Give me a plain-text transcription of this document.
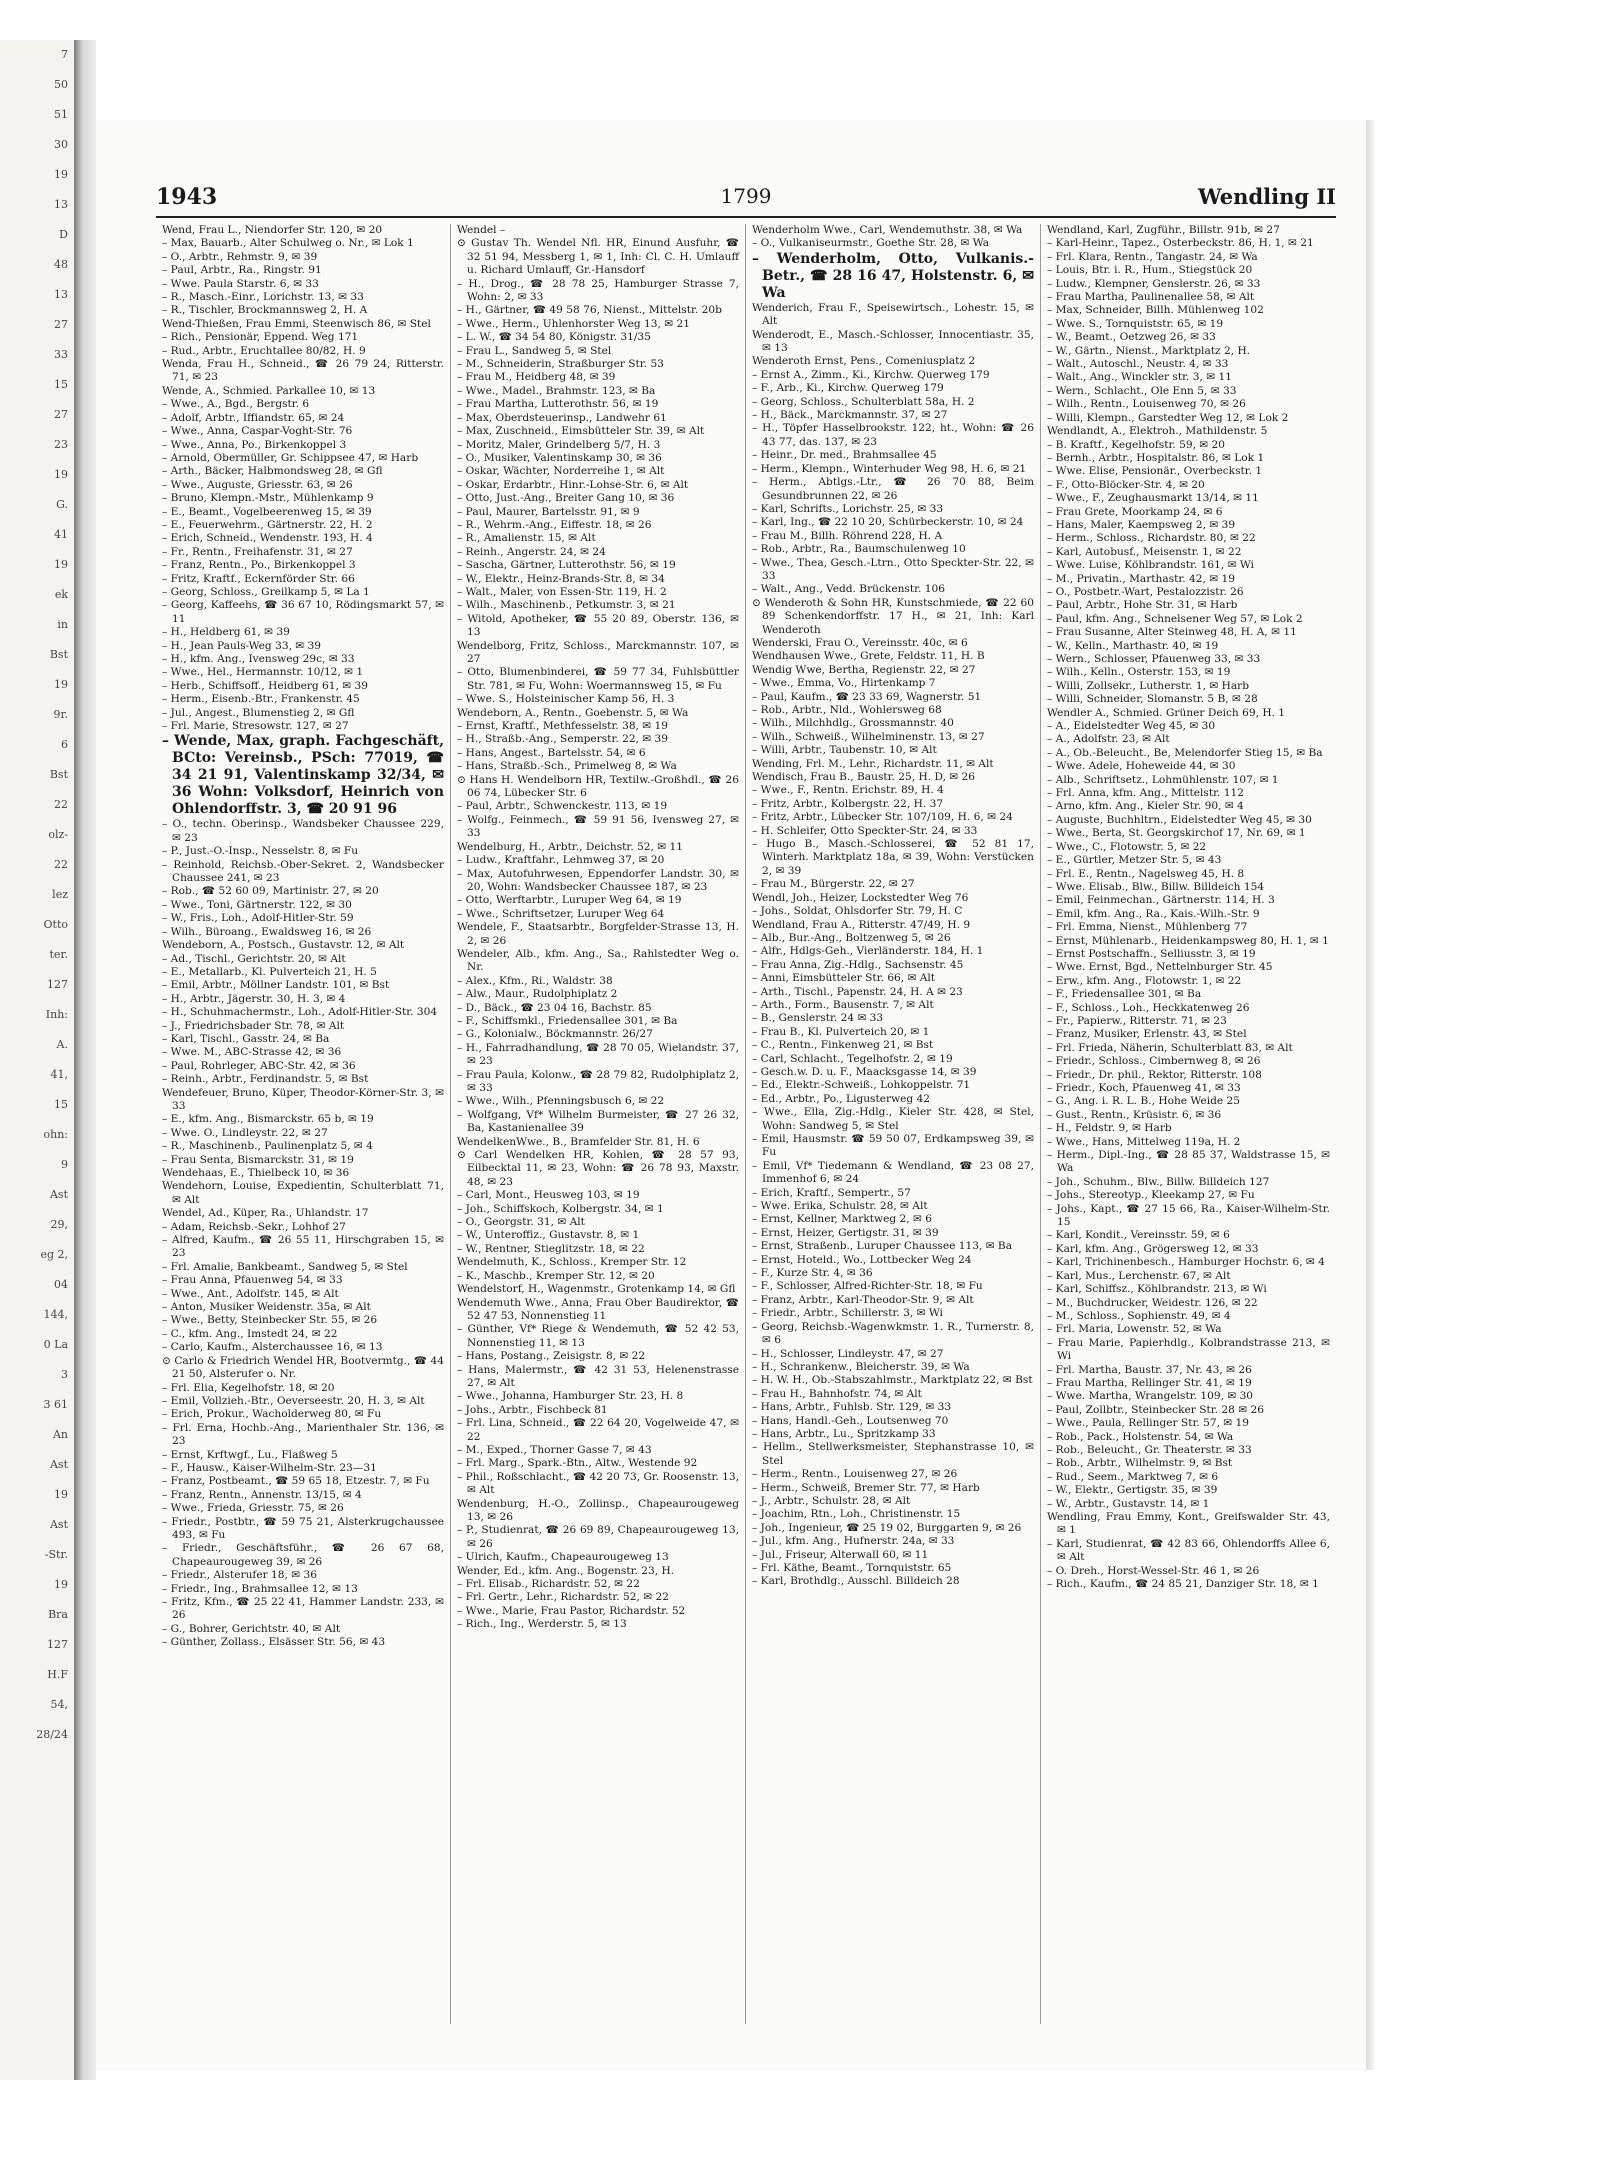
7
50
51
30
19
13
D
48
13
27
33
15
27
23
19
G.
41
19
ek
in
Bst
19
9r.
6
Bst
22
olz-
22
lez
Otto
ter.
127
Inh:
A.
41,
15
ohn:
9
Ast
29,
eg 2,
04
144,
0 La
3
3 61
An
Ast
19
Ast
-Str.
19
Bra
127
H.F
54,
28/24
1943	1799	Wendling II

Wend, Frau L., Niendorfer Str. 120, ✉ 20

– Max, Bauarb., Alter Schulweg o. Nr., ✉ Lok 1

– O., Arbtr., Rehmstr. 9, ✉ 39

– Paul, Arbtr., Ra., Ringstr. 91

– Wwe. Paula Starstr. 6, ✉ 33

– R., Masch.-Einr., Lorichstr. 13, ✉ 33

– R., Tischler, Brockmannsweg 2, H. A

Wend-Thießen, Frau Emmi, Steenwisch 86, ✉ Stel

– Rich., Pensionär, Eppend. Weg 171

– Rud., Arbtr., Eruchtallee 80/82, H. 9

Wenda, Frau H., Schneid., ☎ 26 79 24, Ritterstr. 71, ✉ 23

Wende, A., Schmied. Parkallee 10, ✉ 13

– Wwe., A., Bgd., Bergstr. 6

– Adolf, Arbtr., Iffiandstr. 65, ✉ 24

– Wwe., Anna, Caspar-Voght-Str. 76

– Wwe., Anna, Po., Birkenkoppel 3

– Arnold, Obermüller, Gr. Schippsee 47, ✉ Harb

– Arth., Bäcker, Halbmondsweg 28, ✉ Gfl

– Wwe., Auguste, Griesstr. 63, ✉ 26

– Bruno, Klempn.-Mstr., Mühlenkamp 9

– E., Beamt., Vogelbeerenweg 15, ✉ 39

– E., Feuerwehrm., Gärtnerstr. 22, H. 2

– Erich, Schneid., Wendenstr. 193, H. 4

– Fr., Rentn., Freihafenstr. 31, ✉ 27

– Franz, Rentn., Po., Birkenkoppel 3

– Fritz, Kraftf., Eckernförder Str. 66

– Georg, Schloss., Greilkamp 5, ✉ La 1

– Georg, Kaffeehs, ☎ 36 67 10, Rödingsmarkt 57, ✉ 11

– H., Heldberg 61, ✉ 39

– H., Jean Pauls-Weg 33, ✉ 39

– H., kfm. Ang., Ivensweg 29c, ✉ 33

– Wwe., Hel., Hermannstr. 10/12, ✉ 1

– Herb., Schiffsoff., Heidberg 61, ✉ 39

– Herm., Eisenb.-Btr., Frankenstr. 45

– Jul., Angest., Blumenstieg 2, ✉ Gfl

– Frl. Marie, Stresowstr. 127, ✉ 27

– Wende, Max, graph. Fachgeschäft, BCto: Vereinsb., PSch: 77019, ☎ 34 21 91, Valentinskamp 32/34, ✉ 36 Wohn: Volksdorf, Heinrich von Ohlendorffstr. 3, ☎ 20 91 96

– O., techn. Oberinsp., Wandsbeker Chaussee 229, ✉ 23

– P., Just.-O.-Insp., Nesselstr. 8, ✉ Fu

– Reinhold, Reichsb.-Ober-Sekret. 2, Wandsbecker Chaussee 241, ✉ 23

– Rob., ☎ 52 60 09, Martinistr. 27, ✉ 20

– Wwe., Toni, Gärtnerstr. 122, ✉ 30

– W., Fris., Loh., Adolf-Hitler-Str. 59

– Wilh., Büroang., Ewaldsweg 16, ✉ 26

Wendeborn, A., Postsch., Gustavstr. 12, ✉ Alt

– Ad., Tischl., Gerichtstr. 20, ✉ Alt

– E., Metallarb., Kl. Pulverteich 21, H. 5

– Emil, Arbtr., Möllner Landstr. 101, ✉ Bst

– H., Arbtr., Jägerstr. 30, H. 3, ✉ 4

– H., Schuhmachermstr., Loh., Adolf-Hitler-Str. 304

– J., Friedrichsbader Str. 78, ✉ Alt

– Karl, Tischl., Gasstr. 24, ✉ Ba

– Wwe. M., ABC-Strasse 42, ✉ 36

– Paul, Rohrleger, ABC-Str. 42, ✉ 36

– Reinh., Arbtr., Ferdinandstr. 5, ✉ Bst

Wendefeuer, Bruno, Küper, Theodor-Körner-Str. 3, ✉ 33

– E., kfm. Ang., Bismarckstr. 65 b, ✉ 19

– Wwe. O., Lindleystr. 22, ✉ 27

– R., Maschinenb., Paulinenplatz 5, ✉ 4

– Frau Senta, Bismarckstr. 31, ✉ 19

Wendehaas, E., Thielbeck 10, ✉ 36

Wendehorn, Louise, Expedientin, Schulterblatt 71, ✉ Alt

Wendel, Ad., Küper, Ra., Uhlandstr. 17

– Adam, Reichsb.-Sekr., Lohhof 27

– Alfred, Kaufm., ☎ 26 55 11, Hirschgraben 15, ✉ 23

– Frl. Amalie, Bankbeamt., Sandweg 5, ✉ Stel

– Frau Anna, Pfauenweg 54, ✉ 33

– Wwe., Ant., Adolfstr. 145, ✉ Alt

– Anton, Musiker Weidenstr. 35a, ✉ Alt

– Wwe., Betty, Steinbecker Str. 55, ✉ 26

– C., kfm. Ang., Imstedt 24, ✉ 22

– Carlo, Kaufm., Alsterchaussee 16, ✉ 13

⊙ Carlo & Friedrich Wendel HR, Bootvermtg., ☎ 44 21 50, Alsterufer o. Nr.

– Frl. Elia, Kegelhofstr. 18, ✉ 20

– Emil, Vollzieh.-Btr., Oeverseestr. 20, H. 3, ✉ Alt

– Erich, Prokur., Wacholderweg 80, ✉ Fu

– Frl. Erna, Hochb.-Ang., Marienthaler Str. 136, ✉ 23

– Ernst, Krftwgf., Lu., Flaßweg 5

– F., Hausw., Kaiser-Wilhelm-Str. 23—31

– Franz, Postbeamt., ☎ 59 65 18, Etzestr. 7, ✉ Fu

– Franz, Rentn., Annenstr. 13/15, ✉ 4

– Wwe., Frieda, Griesstr. 75, ✉ 26

– Friedr., Postbtr., ☎ 59 75 21, Alsterkrugchaussee 493, ✉ Fu

– Friedr., Geschäftsführ., ☎ 26 67 68, Chapeaurougeweg 39, ✉ 26

– Friedr., Alsterufer 18, ✉ 36

– Friedr., Ing., Brahmsallee 12, ✉ 13

– Fritz, Kfm., ☎ 25 22 41, Hammer Landstr. 233, ✉ 26

– G., Bohrer, Gerichtstr. 40, ✉ Alt

– Günther, Zollass., Elsässer Str. 56, ✉ 43

Wendel –

⊙ Gustav Th. Wendel Nfl. HR, Einund Ausfuhr, ☎ 32 51 94, Messberg 1, ✉ 1, Inh: Cl. C. H. Umlauff u. Richard Umlauff, Gr.-Hansdorf

– H., Drog., ☎ 28 78 25, Hamburger Strasse 7, Wohn: 2, ✉ 33

– H., Gärtner, ☎ 49 58 76, Nienst., Mittelstr. 20b

– Wwe., Herm., Uhlenhorster Weg 13, ✉ 21

– L. W., ☎ 34 54 80, Königstr. 31/35

– Frau L., Sandweg 5, ✉ Stel

– M., Schneiderin, Straßburger Str. 53

– Frau M., Heidberg 48, ✉ 39

– Wwe., Madel., Brahmstr. 123, ✉ Ba

– Frau Martha, Lutterothstr. 56, ✉ 19

– Max, Oberdsteuerinsp., Landwehr 61

– Max, Zuschneid., Eimsbütteler Str. 39, ✉ Alt

– Moritz, Maler, Grindelberg 5/7, H. 3

– O., Musiker, Valentinskamp 30, ✉ 36

– Oskar, Wächter, Norderreihe 1, ✉ Alt

– Oskar, Erdarbtr., Hinr.-Lohse-Str. 6, ✉ Alt

– Otto, Just.-Ang., Breiter Gang 10, ✉ 36

– Paul, Maurer, Bartelsstr. 91, ✉ 9

– R., Wehrm.-Ang., Eiffestr. 18, ✉ 26

– R., Amalienstr. 15, ✉ Alt

– Reinh., Angerstr. 24, ✉ 24

– Sascha, Gärtner, Lutterothstr. 56, ✉ 19

– W., Elektr., Heinz-Brands-Str. 8, ✉ 34

– Walt., Maler, von Essen-Str. 119, H. 2

– Wilh., Maschinenb., Petkumstr. 3, ✉ 21

– Witold, Apotheker, ☎ 55 20 89, Oberstr. 136, ✉ 13

Wendelborg, Fritz, Schloss., Marckmannstr. 107, ✉ 27

– Otto, Blumenbinderei, ☎ 59 77 34, Fuhlsbüttler Str. 781, ✉ Fu, Wohn: Woermannsweg 15, ✉ Fu

– Wwe. S., Holsteinischer Kamp 56, H. 3

Wendeborn, A., Rentn., Goebenstr. 5, ✉ Wa

– Ernst, Kraftf., Methfesselstr. 38, ✉ 19

– H., Straßb.-Ang., Semperstr. 22, ✉ 39

– Hans, Angest., Bartelsstr. 54, ✉ 6

– Hans, Straßb.-Sch., Primelweg 8, ✉ Wa

⊙ Hans H. Wendelborn HR, Textilw.-Großhdl., ☎ 26 06 74, Lübecker Str. 6

– Paul, Arbtr., Schwenckestr. 113, ✉ 19

– Wolfg., Feinmech., ☎ 59 91 56, Ivensweg 27, ✉ 33

Wendelburg, H., Arbtr., Deichstr. 52, ✉ 11

– Ludw., Kraftfahr., Lehmweg 37, ✉ 20

– Max, Autofuhrwesen, Eppendorfer Landstr. 30, ✉ 20, Wohn: Wandsbecker Chaussee 187, ✉ 23

– Otto, Werftarbtr., Luruper Weg 64, ✉ 19

– Wwe., Schriftsetzer, Luruper Weg 64

Wendele, F., Staatsarbtr., Borgfelder-Strasse 13, H. 2, ✉ 26

Wendeler, Alb., kfm. Ang., Sa., Rahlstedter Weg o. Nr.

– Alex., Kfm., Ri., Waldstr. 38

– Alw., Maur., Rudolphiplatz 2

– D., Bäck., ☎ 23 04 16, Bachstr. 85

– F., Schiffsmkl., Friedensallee 301, ✉ Ba

– G., Kolonialw., Böckmannstr. 26/27

– H., Fahrradhandlung, ☎ 28 70 05, Wielandstr. 37, ✉ 23

– Frau Paula, Kolonw., ☎ 28 79 82, Rudolphiplatz 2, ✉ 33

– Wwe., Wilh., Pfenningsbusch 6, ✉ 22

– Wolfgang, Vf* Wilhelm Burmeister, ☎ 27 26 32, Ba, Kastanienallee 39

WendelkenWwe., B., Bramfelder Str. 81, H. 6

⊙ Carl Wendelken HR, Kohlen, ☎ 28 57 93, Eilbecktal 11, ✉ 23, Wohn: ☎ 26 78 93, Maxstr. 48, ✉ 23

– Carl, Mont., Heusweg 103, ✉ 19

– Joh., Schiffskoch, Kolbergstr. 34, ✉ 1

– O., Georgstr. 31, ✉ Alt

– W., Unteroffiz., Gustavstr. 8, ✉ 1

– W., Rentner, Stieglitzstr. 18, ✉ 22

Wendelmuth, K., Schloss., Kremper Str. 12

– K., Maschb., Kremper Str. 12, ✉ 20

Wendelstorf, H., Wagenmstr., Grotenkamp 14, ✉ Gfl

Wendemuth Wwe., Anna, Frau Ober Baudirektor, ☎ 52 47 53, Nonnenstieg 11

– Günther, Vf* Riege & Wendemuth, ☎ 52 42 53, Nonnenstieg 11, ✉ 13

– Hans, Postang., Zeisigstr. 8, ✉ 22

– Hans, Malermstr., ☎ 42 31 53, Helenenstrasse 27, ✉ Alt

– Wwe., Johanna, Hamburger Str. 23, H. 8

– Johs., Arbtr., Fischbeck 81

– Frl. Lina, Schneid., ☎ 22 64 20, Vogelweide 47, ✉ 22

– M., Exped., Thorner Gasse 7, ✉ 43

– Frl. Marg., Spark.-Btn., Altw., Westende 92

– Phil., Roßschlacht., ☎ 42 20 73, Gr. Roosenstr. 13, ✉ Alt

Wendenburg, H.-O., Zollinsp., Chapeaurougeweg 13, ✉ 26

– P., Studienrat, ☎ 26 69 89, Chapeaurougeweg 13, ✉ 26

– Ulrich, Kaufm., Chapeaurougeweg 13

Wender, Ed., kfm. Ang., Bogenstr. 23, H.

– Frl. Elisab., Richardstr. 52, ✉ 22

– Frl. Gertr., Lehr., Richardstr. 52, ✉ 22

– Wwe., Marie, Frau Pastor, Richardstr. 52

– Rich., Ing., Werderstr. 5, ✉ 13

Wenderholm Wwe., Carl, Wendemuthstr. 38, ✉ Wa

– O., Vulkaniseurmstr., Goethe Str. 28, ✉ Wa

– Wenderholm, Otto, Vulkanis.-Betr., ☎ 28 16 47, Holstenstr. 6, ✉ Wa

Wenderich, Frau F., Speisewirtsch., Lohestr. 15, ✉ Alt

Wenderodt, E., Masch.-Schlosser, Innocentiastr. 35, ✉ 13

Wenderoth Ernst, Pens., Comeniusplatz 2

– Ernst A., Zimm., Ki., Kirchw. Querweg 179

– F., Arb., Ki., Kirchw. Querweg 179

– Georg, Schloss., Schulterblatt 58a, H. 2

– H., Bäck., Marckmannstr. 37, ✉ 27

– H., Töpfer Hasselbrookstr. 122, ht., Wohn: ☎ 26 43 77, das. 137, ✉ 23

– Heinr., Dr. med., Brahmsallee 45

– Herm., Klempn., Winterhuder Weg 98, H. 6, ✉ 21

– Herm., Abtlgs.-Ltr., ☎ 26 70 88, Beim Gesundbrunnen 22, ✉ 26

– Karl, Schrifts., Lorichstr. 25, ✉ 33

– Karl, Ing., ☎ 22 10 20, Schürbeckerstr. 10, ✉ 24

– Frau M., Billh. Röhrend 228, H. A

– Rob., Arbtr., Ra., Baumschulenweg 10

– Wwe., Thea, Gesch.-Ltrn., Otto Speckter-Str. 22, ✉ 33

– Walt., Ang., Vedd. Brückenstr. 106

⊙ Wenderoth & Sohn HR, Kunstschmiede, ☎ 22 60 89 Schenkendorffstr. 17 H., ✉ 21, Inh: Karl Wenderoth

Wenderski, Frau O., Vereinsstr. 40c, ✉ 6

Wendhausen Wwe., Grete, Feldstr. 11, H. B

Wendig Wwe, Bertha, Regienstr. 22, ✉ 27

– Wwe., Emma, Vo., Hirtenkamp 7

– Paul, Kaufm., ☎ 23 33 69, Wagnerstr. 51

– Rob., Arbtr., Nld., Wohlersweg 68

– Wilh., Milchhdlg., Grossmannstr. 40

– Wilh., Schweiß., Wilhelminenstr. 13, ✉ 27

– Willi, Arbtr., Taubenstr. 10, ✉ Alt

Wending, Frl. M., Lehr., Richardstr. 11, ✉ Alt

Wendisch, Frau B., Baustr. 25, H. D, ✉ 26

– Wwe., F., Rentn. Erichstr. 89, H. 4

– Fritz, Arbtr., Kolbergstr. 22, H. 37

– Fritz, Arbtr., Lübecker Str. 107/109, H. 6, ✉ 24

– H. Schleifer, Otto Speckter-Str. 24, ✉ 33

– Hugo B., Masch.-Schlosserei, ☎ 52 81 17, Winterh. Marktplatz 18a, ✉ 39, Wohn: Verstücken 2, ✉ 39

– Frau M., Bürgerstr. 22, ✉ 27

Wendl, Joh., Heizer, Lockstedter Weg 76

– Johs., Soldat, Ohlsdorfer Str. 79, H. C

Wendland, Frau A., Ritterstr. 47/49, H. 9

– Alb., Bur.-Ang., Boltzenweg 5, ✉ 26

– Alfr., Hdlgs-Geh., Vierländerstr. 184, H. 1

– Frau Anna, Zig.-Hdlg., Sachsenstr. 45

– Anni, Eimsbütteler Str. 66, ✉ Alt

– Arth., Tischl., Papenstr. 24, H. A ✉ 23

– Arth., Form., Bausenstr. 7, ✉ Alt

– B., Genslerstr. 24 ✉ 33

– Frau B., Kl. Pulverteich 20, ✉ 1

– C., Rentn., Finkenweg 21, ✉ Bst

– Carl, Schlacht., Tegelhofstr. 2, ✉ 19

– Gesch.w. D. u. F., Maacksgasse 14, ✉ 39

– Ed., Elektr.-Schweiß., Lohkoppelstr. 71

– Ed., Arbtr., Po., Ligusterweg 42

– Wwe., Ella, Zig.-Hdlg., Kieler Str. 428, ✉ Stel, Wohn: Sandweg 5, ✉ Stel

– Emil, Hausmstr. ☎ 59 50 07, Erdkampsweg 39, ✉ Fu

– Emil, Vf* Tiedemann & Wendland, ☎ 23 08 27, Immenhof 6, ✉ 24

– Erich, Kraftf., Sempertr., 57

– Wwe. Erika, Schulstr. 28, ✉ Alt

– Ernst, Kellner, Marktweg 2, ✉ 6

– Ernst, Heizer, Gertigstr. 31, ✉ 39

– Ernst, Straßenb., Luruper Chaussee 113, ✉ Ba

– Ernst, Hoteld., Wo., Lottbecker Weg 24

– F., Kurze Str. 4, ✉ 36

– F., Schlosser, Alfred-Richter-Str. 18, ✉ Fu

– Franz, Arbtr., Karl-Theodor-Str. 9, ✉ Alt

– Friedr., Arbtr., Schillerstr. 3, ✉ Wi

– Georg, Reichsb.-Wagenwkmstr. 1. R., Turnerstr. 8, ✉ 6

– H., Schlosser, Lindleystr. 47, ✉ 27

– H., Schrankenw., Bleicherstr. 39, ✉ Wa

– H. W. H., Ob.-Stabszahlmstr., Marktplatz 22, ✉ Bst

– Frau H., Bahnhofstr. 74, ✉ Alt

– Hans, Arbtr., Fuhlsb. Str. 129, ✉ 33

– Hans, Handl.-Geh., Loutsenweg 70

– Hans, Arbtr., Lu., Spritzkamp 33

– Hellm., Stellwerksmeister, Stephanstrasse 10, ✉ Stel

– Herm., Rentn., Louisenweg 27, ✉ 26

– Herm., Schweiß, Bremer Str. 77, ✉ Harb

– J., Arbtr., Schulstr. 28, ✉ Alt

– Joachim, Rtn., Loh., Christinenstr. 15

– Joh., Ingenieur, ☎ 25 19 02, Burggarten 9, ✉ 26

– Jul., kfm. Ang., Hufnerstr. 24a, ✉ 33

– Jul., Friseur, Alterwall 60, ✉ 11

– Frl. Käthe, Beamt., Tornquiststr. 65

– Karl, Brothdlg., Ausschl. Billdeich 28

Wendland, Karl, Zugführ., Billstr. 91b, ✉ 27

– Karl-Heinr., Tapez., Osterbeckstr. 86, H. 1, ✉ 21

– Frl. Klara, Rentn., Tangastr. 24, ✉ Wa

– Louis, Btr. i. R., Hum., Stiegstück 20

– Ludw., Klempner, Genslerstr. 26, ✉ 33

– Frau Martha, Paulinenallee 58, ✉ Alt

– Max, Schneider, Billh. Mühlenweg 102

– Wwe. S., Tornquiststr. 65, ✉ 19

– W., Beamt., Oetzweg 26, ✉ 33

– W., Gärtn., Nienst., Marktplatz 2, H.

– Walt., Autoschl., Neustr. 4, ✉ 33

– Walt., Ang., Winckler str. 3, ✉ 11

– Wern., Schlacht., Ole Enn 5, ✉ 33

– Wilh., Rentn., Louisenweg 70, ✉ 26

– Willi, Klempn., Garstedter Weg 12, ✉ Lok 2

Wendlandt, A., Elektroh., Mathildenstr. 5

– B. Kraftf., Kegelhofstr. 59, ✉ 20

– Bernh., Arbtr., Hospitalstr. 86, ✉ Lok 1

– Wwe. Elise, Pensionär., Overbeckstr. 1

– F., Otto-Blöcker-Str. 4, ✉ 20

– Wwe., F., Zeughausmarkt 13/14, ✉ 11

– Frau Grete, Moorkamp 24, ✉ 6

– Hans, Maler, Kaempsweg 2, ✉ 39

– Herm., Schloss., Richardstr. 80, ✉ 22

– Karl, Autobusf., Meisenstr. 1, ✉ 22

– Wwe. Luise, Köhlbrandstr. 161, ✉ Wi

– M., Privatin., Marthastr. 42, ✉ 19

– O., Postbetr.-Wart, Pestalozzistr. 26

– Paul, Arbtr., Hohe Str. 31, ✉ Harb

– Paul, kfm. Ang., Schnelsener Weg 57, ✉ Lok 2

– Frau Susanne, Alter Steinweg 48, H. A, ✉ 11

– W., Kelln., Marthastr. 40, ✉ 19

– Wern., Schlosser, Pfauenweg 33, ✉ 33

– Wilh., Kelln., Osterstr. 153, ✉ 19

– Willi, Zollsekr., Lutherstr. 1, ✉ Harb

– Willi, Schneider, Slomanstr. 5 B, ✉ 28

Wendler A., Schmied. Grüner Deich 69, H. 1

– A., Eidelstedter Weg 45, ✉ 30

– A., Adolfstr. 23, ✉ Alt

– A., Ob.-Beleucht., Be, Melendorfer Stieg 15, ✉ Ba

– Wwe. Adele, Hoheweide 44, ✉ 30

– Alb., Schriftsetz., Lohmühlenstr. 107, ✉ 1

– Frl. Anna, kfm. Ang., Mittelstr. 112

– Arno, kfm. Ang., Kieler Str. 90, ✉ 4

– Auguste, Buchhltrn., Eidelstedter Weg 45, ✉ 30

– Wwe., Berta, St. Georgskirchof 17, Nr. 69, ✉ 1

– Wwe., C., Flotowstr. 5, ✉ 22

– E., Gürtler, Metzer Str. 5, ✉ 43

– Frl. E., Rentn., Nagelsweg 45, H. 8

– Wwe. Elisab., Blw., Billw. Billdeich 154

– Emil, Feinmechan., Gärtnerstr. 114, H. 3

– Emil, kfm. Ang., Ra., Kais.-Wilh.-Str. 9

– Frl. Emma, Nienst., Mühlenberg 77

– Ernst, Mühlenarb., Heidenkampsweg 80, H. 1, ✉ 1

– Ernst Postschaffn., Selliusstr. 3, ✉ 19

– Wwe. Ernst, Bgd., Nettelnburger Str. 45

– Erw., kfm. Ang., Flotowstr. 1, ✉ 22

– F., Friedensallee 301, ✉ Ba

– F., Schloss., Loh., Heckkatenweg 26

– Fr., Papierw., Ritterstr. 71, ✉ 23

– Franz, Musiker, Erlenstr. 43, ✉ Stel

– Frl. Frieda, Näherin, Schulterblatt 83, ✉ Alt

– Friedr., Schloss., Cimbernweg 8, ✉ 26

– Friedr., Dr. phil., Rektor, Ritterstr. 108

– Friedr., Koch, Pfauenweg 41, ✉ 33

– G., Ang. i. R. L. B., Hohe Weide 25

– Gust., Rentn., Krüsistr. 6, ✉ 36

– H., Feldstr. 9, ✉ Harb

– Wwe., Hans, Mittelweg 119a, H. 2

– Herm., Dipl.-Ing., ☎ 28 85 37, Waldstrasse 15, ✉ Wa

– Joh., Schuhm., Blw., Billw. Billdeich 127

– Johs., Stereotyp., Kleekamp 27, ✉ Fu

– Johs., Kapt., ☎ 27 15 66, Ra., Kaiser-Wilhelm-Str. 15

– Karl, Kondit., Vereinsstr. 59, ✉ 6

– Karl, kfm. Ang., Grögersweg 12, ✉ 33

– Karl, Trichinenbesch., Hamburger Hochstr. 6, ✉ 4

– Karl, Mus., Lerchenstr. 67, ✉ Alt

– Karl, Schiffsz., Köhlbrandstr. 213, ✉ Wi

– M., Buchdrucker, Weidestr. 126, ✉ 22

– M., Schloss., Sophienstr. 49, ✉ 4

– Frl. Maria, Lowenstr. 52, ✉ Wa

– Frau Marie, Papierhdlg., Kolbrandstrasse 213, ✉ Wi

– Frl. Martha, Baustr. 37, Nr. 43, ✉ 26

– Frau Martha, Rellinger Str. 41, ✉ 19

– Wwe. Martha, Wrangelstr. 109, ✉ 30

– Paul, Zollbtr., Steinbecker Str. 28 ✉ 26

– Wwe., Paula, Rellinger Str. 57, ✉ 19

– Rob., Pack., Holstenstr. 54, ✉ Wa

– Rob., Beleucht., Gr. Theaterstr. ✉ 33

– Rob., Arbtr., Wilhelmstr. 9, ✉ Bst

– Rud., Seem., Marktweg 7, ✉ 6

– W., Elektr., Gertigstr. 35, ✉ 39

– W., Arbtr., Gustavstr. 14, ✉ 1

Wendling, Frau Emmy, Kont., Greifswalder Str. 43, ✉ 1

– Karl, Studienrat, ☎ 42 83 66, Ohlendorffs Allee 6, ✉ Alt

– O. Dreh., Horst-Wessel-Str. 46 1, ✉ 26

– Rich., Kaufm., ☎ 24 85 21, Danziger Str. 18, ✉ 1
